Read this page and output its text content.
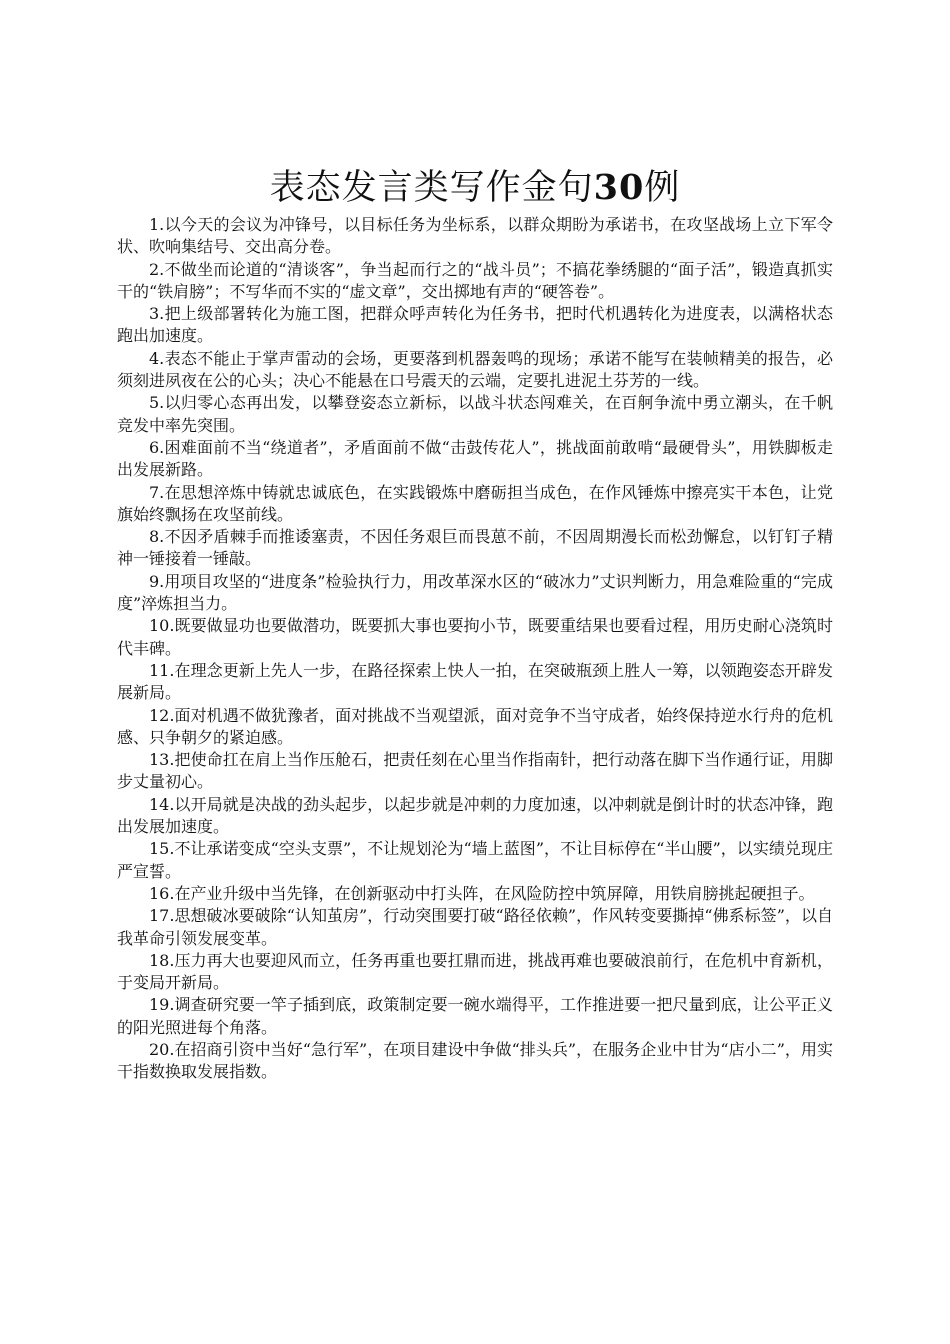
表态发言类写作金句30例

1.以今天的会议为冲锋号，以目标任务为坐标系，以群众期盼为承诺书，在攻坚战场上立下军令状、吹响集结号、交出高分卷。

2.不做坐而论道的“清谈客”，争当起而行之的“战斗员”；不搞花拳绣腿的“面子活”，锻造真抓实干的“铁肩膀”；不写华而不实的“虚文章”，交出掷地有声的“硬答卷”。

3.把上级部署转化为施工图，把群众呼声转化为任务书，把时代机遇转化为进度表，以满格状态跑出加速度。

4.表态不能止于掌声雷动的会场，更要落到机器轰鸣的现场；承诺不能写在装帧精美的报告，必须刻进夙夜在公的心头；决心不能悬在口号震天的云端，定要扎进泥土芬芳的一线。

5.以归零心态再出发，以攀登姿态立新标，以战斗状态闯难关，在百舸争流中勇立潮头，在千帆竞发中率先突围。

6.困难面前不当“绕道者”，矛盾面前不做“击鼓传花人”，挑战面前敢啃“最硬骨头”，用铁脚板走出发展新路。

7.在思想淬炼中铸就忠诚底色，在实践锻炼中磨砺担当成色，在作风锤炼中擦亮实干本色，让党旗始终飘扬在攻坚前线。

8.不因矛盾棘手而推诿塞责，不因任务艰巨而畏葸不前，不因周期漫长而松劲懈怠，以钉钉子精神一锤接着一锤敲。

9.用项目攻坚的“进度条”检验执行力，用改革深水区的“破冰力”丈识判断力，用急难险重的“完成度”淬炼担当力。

10.既要做显功也要做潜功，既要抓大事也要拘小节，既要重结果也要看过程，用历史耐心浇筑时代丰碑。

11.在理念更新上先人一步，在路径探索上快人一拍，在突破瓶颈上胜人一筹，以领跑姿态开辟发展新局。

12.面对机遇不做犹豫者，面对挑战不当观望派，面对竞争不当守成者，始终保持逆水行舟的危机感、只争朝夕的紧迫感。

13.把使命扛在肩上当作压舱石，把责任刻在心里当作指南针，把行动落在脚下当作通行证，用脚步丈量初心。

14.以开局就是决战的劲头起步，以起步就是冲刺的力度加速，以冲刺就是倒计时的状态冲锋，跑出发展加速度。

15.不让承诺变成“空头支票”，不让规划沦为“墙上蓝图”，不让目标停在“半山腰”，以实绩兑现庄严宣誓。

16.在产业升级中当先锋，在创新驱动中打头阵，在风险防控中筑屏障，用铁肩膀挑起硬担子。

17.思想破冰要破除“认知茧房”，行动突围要打破“路径依赖”，作风转变要撕掉“佛系标签”，以自我革命引领发展变革。

18.压力再大也要迎风而立，任务再重也要扛鼎而进，挑战再难也要破浪前行，在危机中育新机，于变局开新局。

19.调查研究要一竿子插到底，政策制定要一碗水端得平，工作推进要一把尺量到底，让公平正义的阳光照进每个角落。

20.在招商引资中当好“急行军”，在项目建设中争做“排头兵”，在服务企业中甘为“店小二”，用实干指数换取发展指数。
